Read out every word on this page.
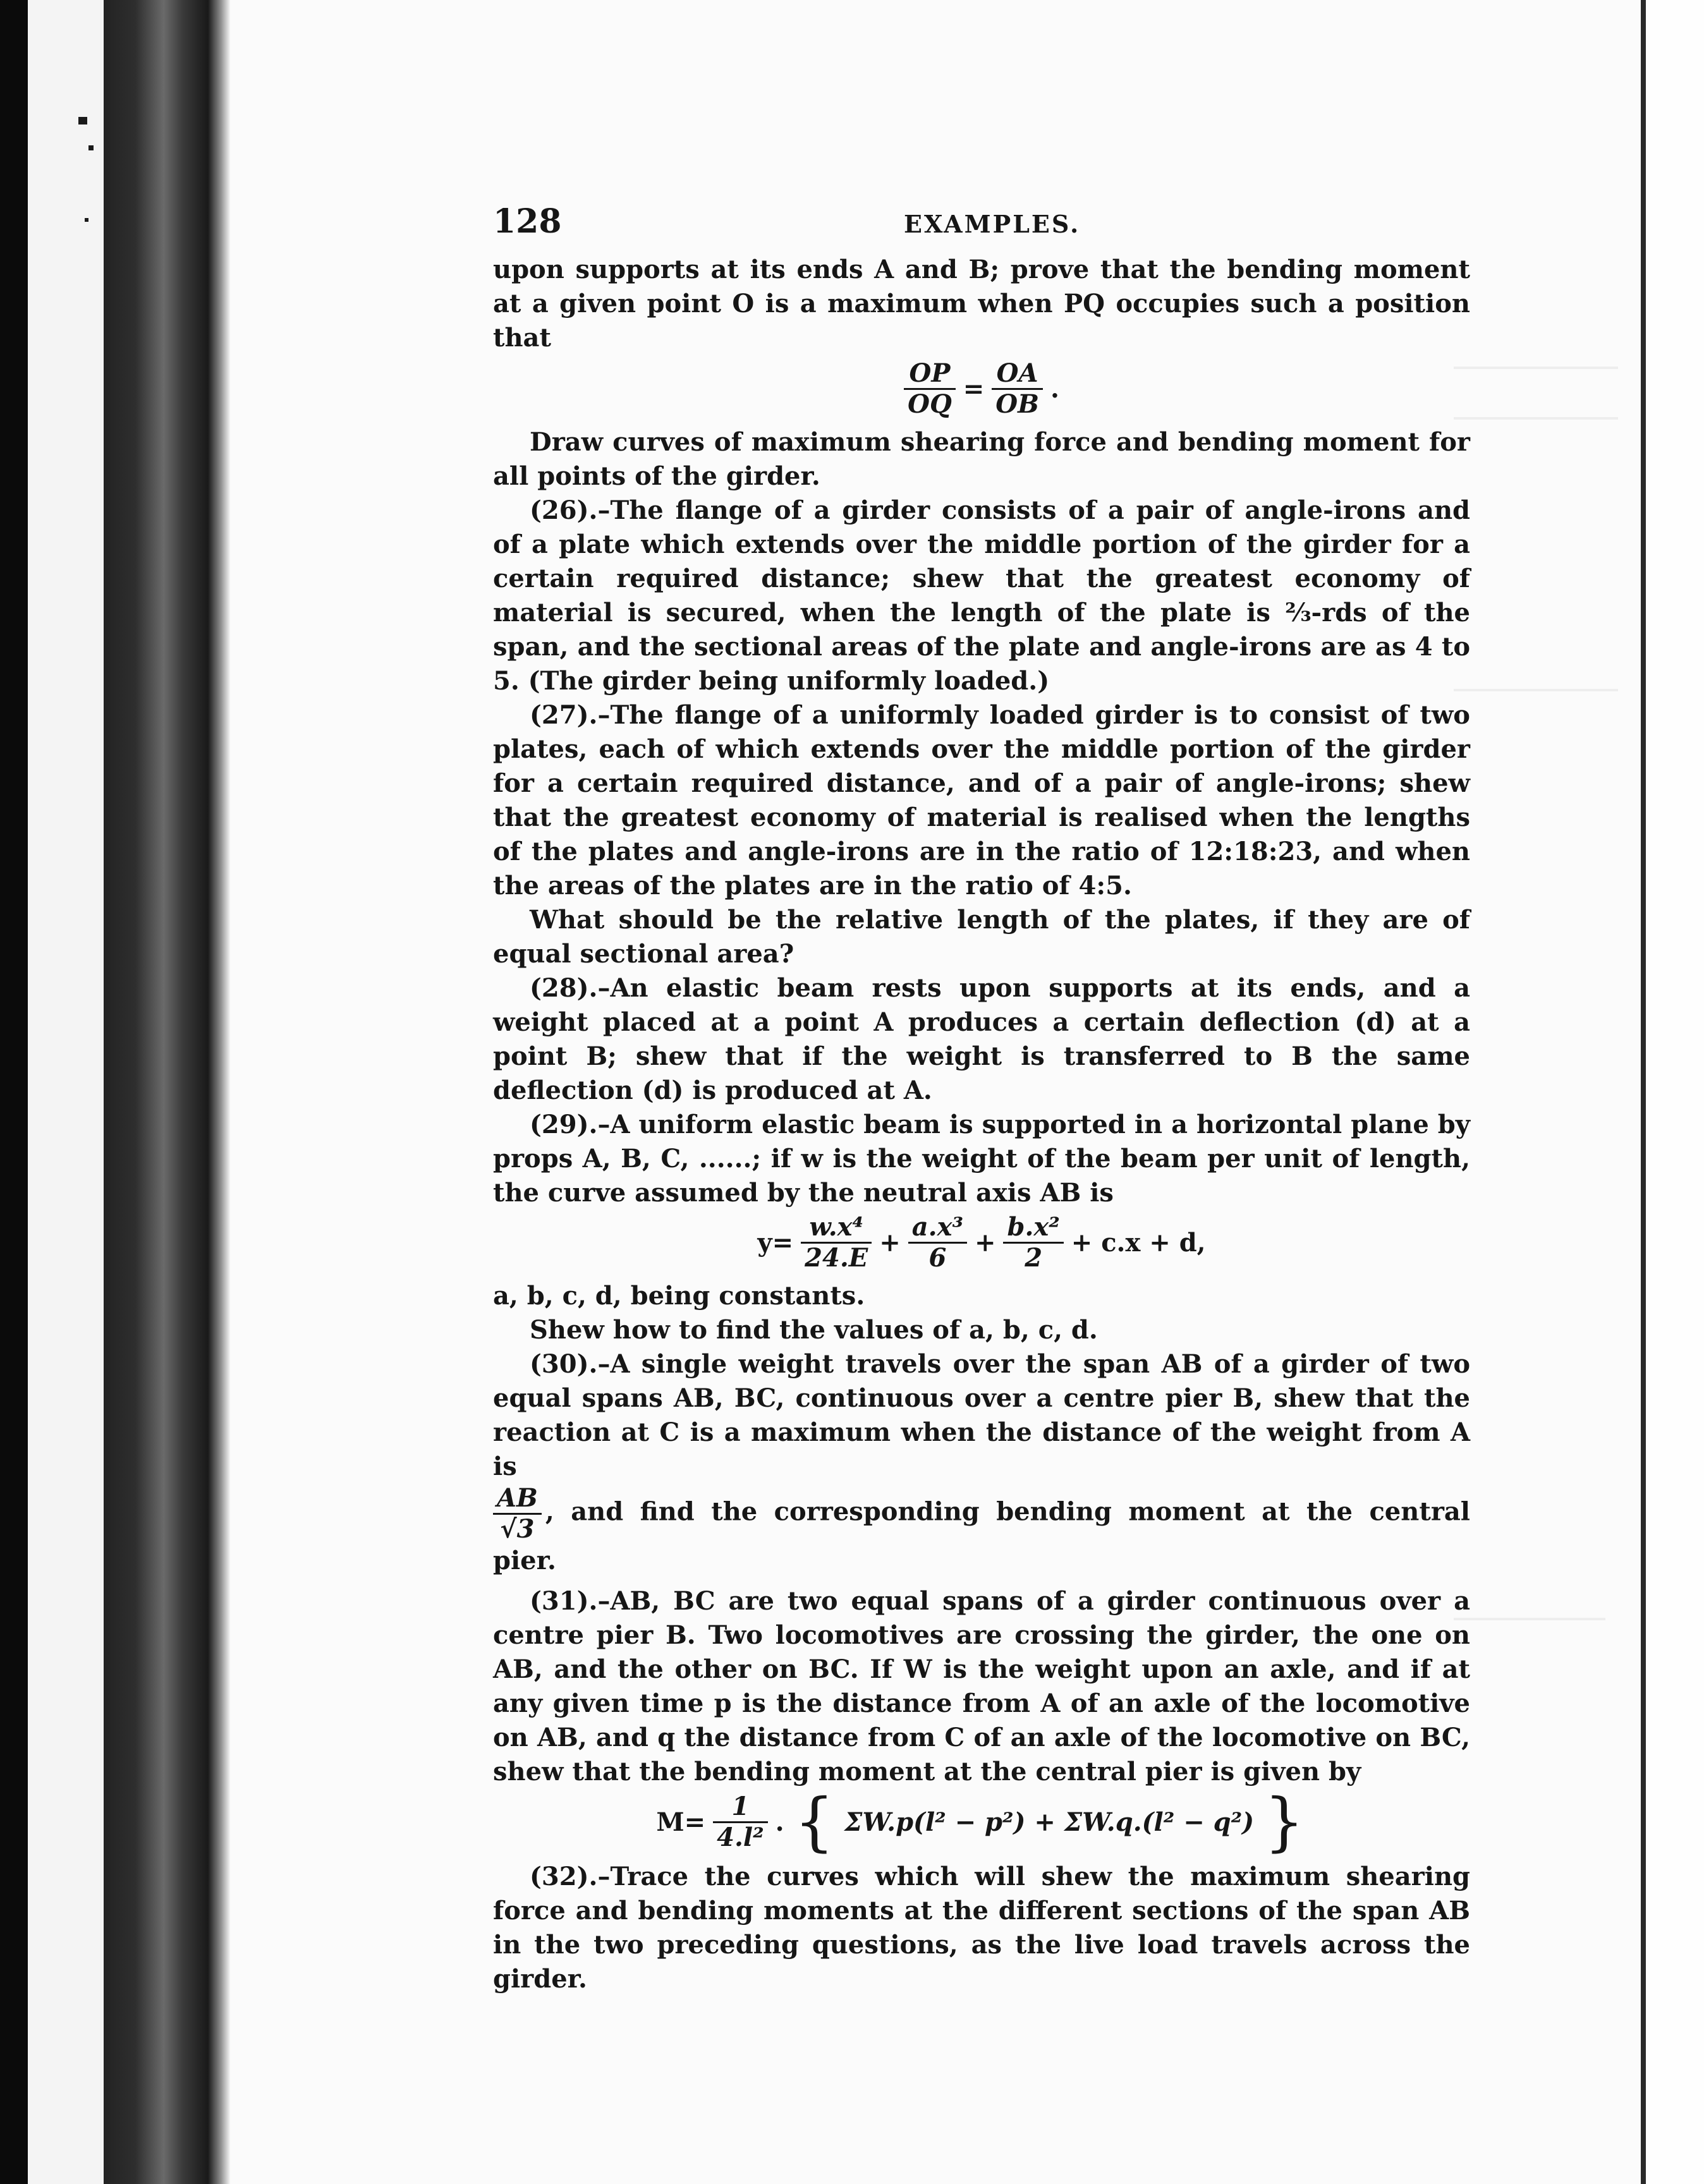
128	EXAMPLES.

upon supports at its ends A and B; prove that the bending moment at a given point O is a maximum when PQ occupies such a position that

$\frac{OP}{OQ} = \frac{OA}{OB}$ .

Draw curves of maximum shearing force and bending moment for all points of the girder.

(26).–The flange of a girder consists of a pair of angle-irons and of a plate which extends over the middle portion of the girder for a certain required distance; shew that the greatest economy of material is secured, when the length of the plate is ⅔-rds of the span, and the sectional areas of the plate and angle-irons are as 4 to 5. (The girder being uniformly loaded.)

(27).–The flange of a uniformly loaded girder is to consist of two plates, each of which extends over the middle portion of the girder for a certain required distance, and of a pair of angle-irons; shew that the greatest economy of material is realised when the lengths of the plates and angle-irons are in the ratio of 12:18:23, and when the areas of the plates are in the ratio of 4:5.

What should be the relative length of the plates, if they are of equal sectional area?

(28).–An elastic beam rests upon supports at its ends, and a weight placed at a point A produces a certain deflection (d) at a point B; shew that if the weight is transferred to B the same deflection (d) is produced at A.

(29).–A uniform elastic beam is supported in a horizontal plane by props A, B, C, ......; if w is the weight of the beam per unit of length, the curve assumed by the neutral axis AB is

$y= \frac{\text{w.x⁴}}{24.E} + \frac{\text{a.x³}}{6} + \frac{\text{b.x²}}{2} + c.x + d$,

a, b, c, d, being constants.

Shew how to find the values of a, b, c, d.

(30).–A single weight travels over the span AB of a girder of two equal spans AB, BC, continuous over a centre pier B, shew that the reaction at C is a maximum when the distance of the weight from A is

$\frac{AB}{√3}$ , and find the corresponding bending moment at the central pier.

(31).–AB, BC are two equal spans of a girder continuous over a centre pier B. Two locomotives are crossing the girder, the one on AB, and the other on BC. If W is the weight upon an axle, and if at any given time p is the distance from A of an axle of the locomotive on AB, and q the distance from C of an axle of the locomotive on BC, shew that the bending moment at the central pier is given by

$M= \frac{1}{\text{4.l²}}$ . { ΣW.p(l² − p²) + ΣW.q.(l² − q²) }

(32).–Trace the curves which will shew the maximum shearing force and bending moments at the different sections of the span AB in the two preceding questions, as the live load travels across the girder.
